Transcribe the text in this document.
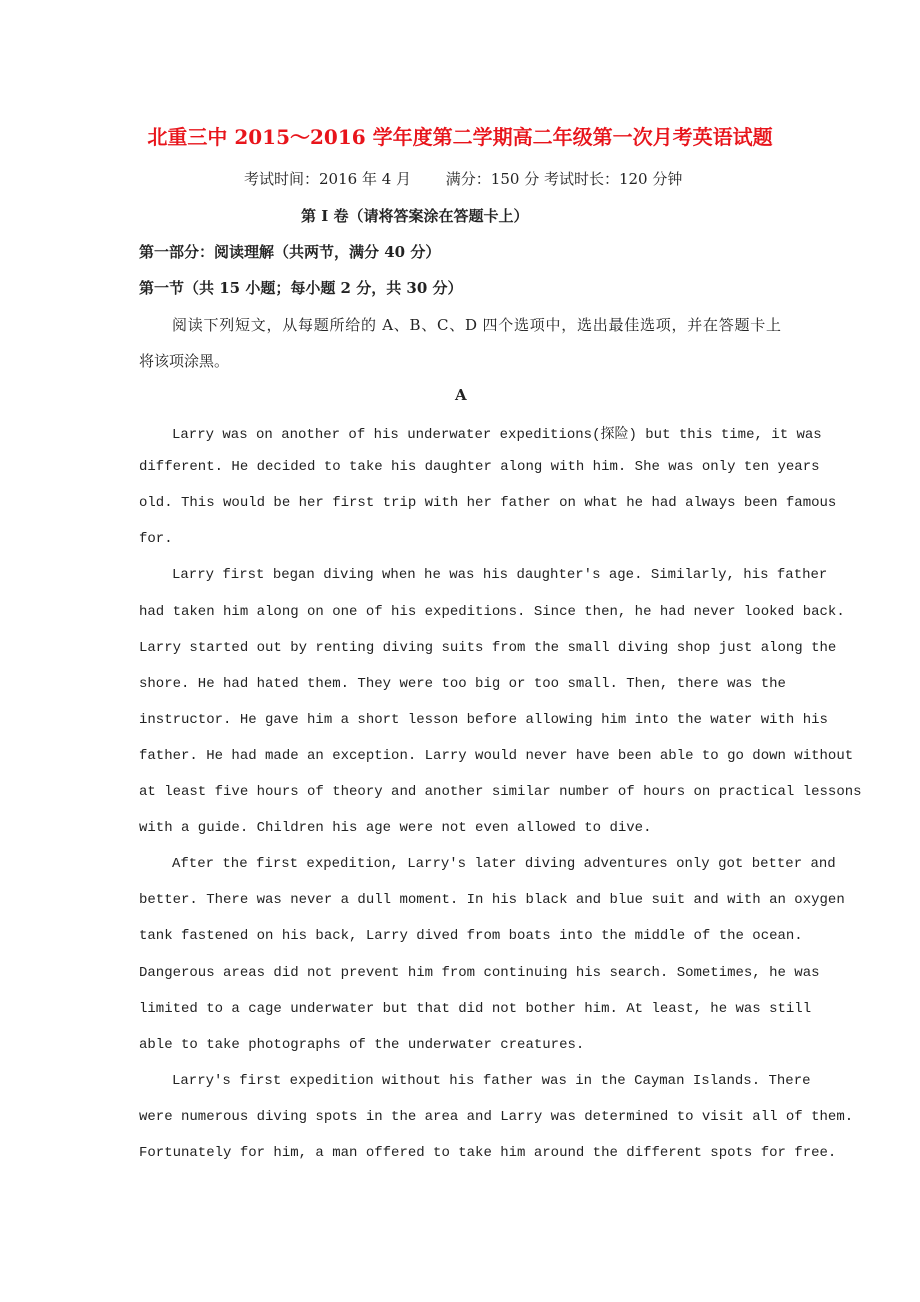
北重三中 2015～2016 学年度第二学期高二年级第一次月考英语试题
考试时间：2016 年 4 月　　 满分：150 分 考试时长：120 分钟
第 I 卷（请将答案涂在答题卡上）
第一部分：阅读理解（共两节，满分 40 分）
第一节（共 15 小题；每小题 2 分，共 30 分）
阅读下列短文，从每题所给的 A、B、C、D 四个选项中，选出最佳选项，并在答题卡上
将该项涂黑。
A
Larry was on another of his underwater expeditions(探险) but this time, it was
different. He decided to take his daughter along with him. She was only ten years
old. This would be her first trip with her father on what he had always been famous
for.
Larry first began diving when he was his daughter's age. Similarly, his father
had taken him along on one of his expeditions. Since then, he had never looked back.
Larry started out by renting diving suits from the small diving shop just along the
shore. He had hated them. They were too big or too small. Then, there was the
instructor. He gave him a short lesson before allowing him into the water with his
father. He had made an exception. Larry would never have been able to go down without
at least five hours of theory and another similar number of hours on practical lessons
with a guide. Children his age were not even allowed to dive.
After the first expedition, Larry's later diving adventures only got better and
better. There was never a dull moment. In his black and blue suit and with an oxygen
tank fastened on his back, Larry dived from boats into the middle of the ocean.
Dangerous areas did not prevent him from continuing his search. Sometimes, he was
limited to a cage underwater but that did not bother him. At least, he was still
able to take photographs of the underwater creatures.
Larry's first expedition without his father was in the Cayman Islands. There
were numerous diving spots in the area and Larry was determined to visit all of them.
Fortunately for him, a man offered to take him around the different spots for free.
